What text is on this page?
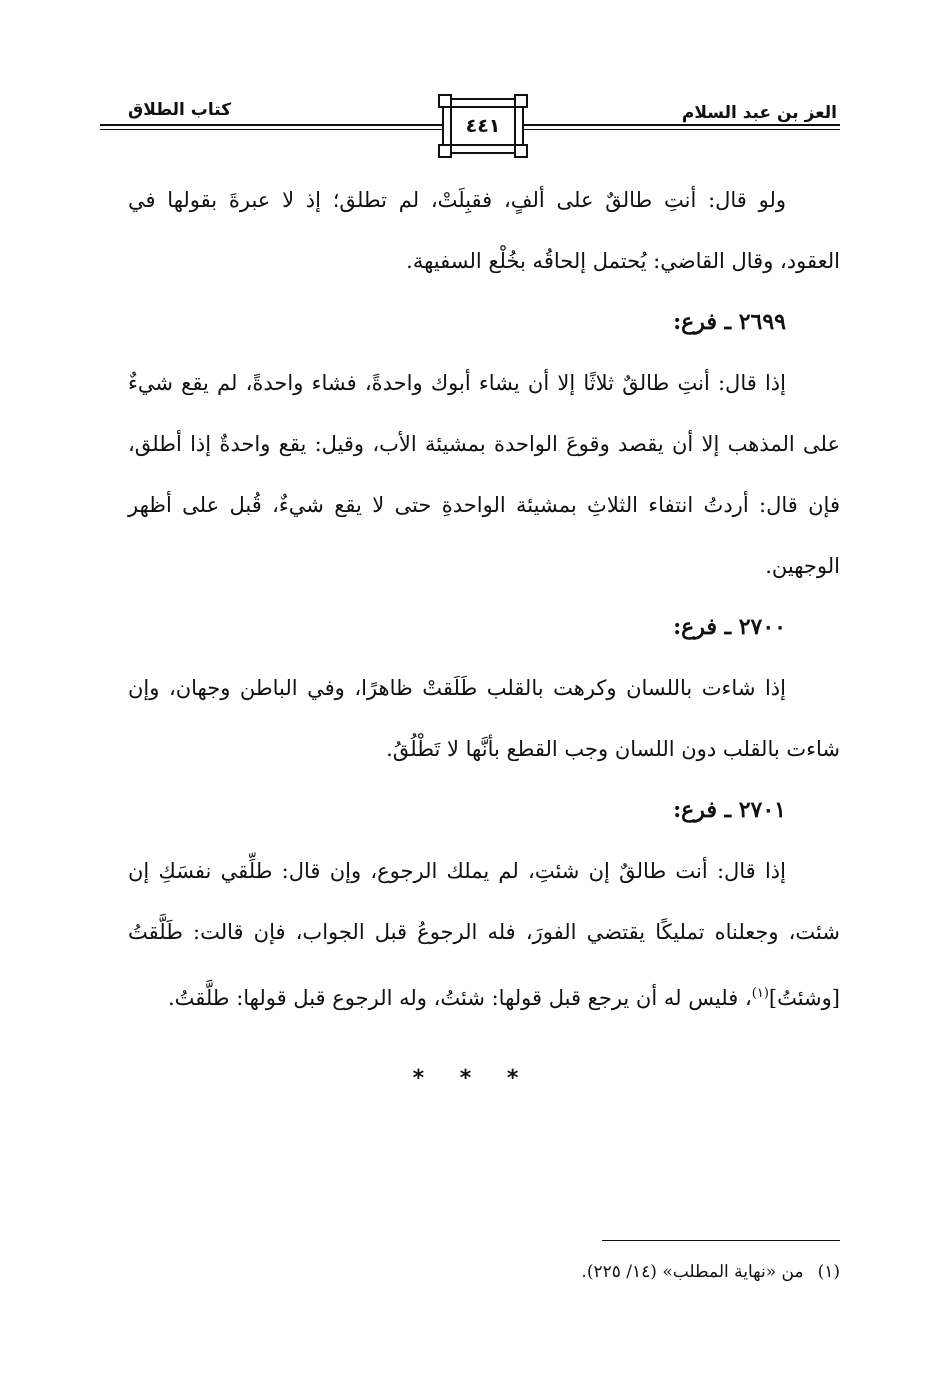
العز بن عبد السلام
كتاب الطلاق
٤٤١

ولو قال: أنتِ طالقٌ على ألفٍ، فقبِلَتْ، لم تطلق؛ إذ لا عبرةَ بقولها في العقود، وقال القاضي: يُحتمل إلحاقُه بخُلْع السفيهة.

٢٦٩٩ ـ فرع:

إذا قال: أنتِ طالقٌ ثلاثًا إلا أن يشاء أبوك واحدةً، فشاء واحدةً، لم يقع شيءٌ على المذهب إلا أن يقصد وقوعَ الواحدة بمشيئة الأب، وقيل: يقع واحدةٌ إذا أطلق، فإن قال: أردتُ انتفاء الثلاثِ بمشيئة الواحدةِ حتى لا يقع شيءٌ، قُبل على أظهر الوجهين.

٢٧٠٠ ـ فرع:

إذا شاءت باللسان وكرهت بالقلب طَلَقتْ ظاهرًا، وفي الباطن وجهان، وإن شاءت بالقلب دون اللسان وجب القطع بأنَّها لا تَطْلُقُ.

٢٧٠١ ـ فرع:

إذا قال: أنت طالقٌ إن شئتِ، لم يملك الرجوع، وإن قال: طلِّقي نفسَكِ إن شئت، وجعلناه تمليكًا يقتضي الفورَ، فله الرجوعُ قبل الجواب، فإن قالت: طَلَّقتُ [وشئتُ]$^{(١)}$، فليس له أن يرجع قبل قولها: شئتُ، وله الرجوع قبل قولها: طلَّقتُ.

* * *
(١)من «نهاية المطلب» (١٤/ ٢٢٥).
